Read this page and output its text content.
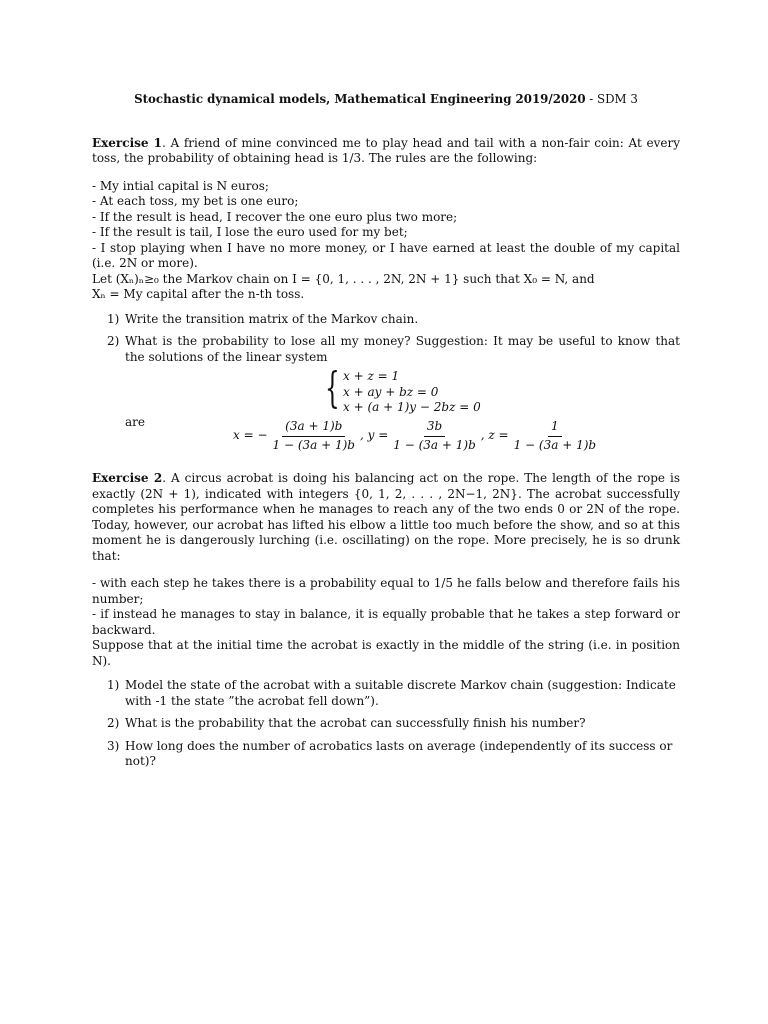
Stochastic dynamical models, Mathematical Engineering 2019/2020 - SDM 3

Exercise 1. A friend of mine convinced me to play head and tail with a non-fair coin: At every toss, the probability of obtaining head is 1/3. The rules are the following:

- My intial capital is N euros;

- At each toss, my bet is one euro;

- If the result is head, I recover the one euro plus two more;

- If the result is tail, I lose the euro used for my bet;

- I stop playing when I have no more money, or I have earned at least the double of my capital (i.e. 2N or more).

Let (Xₙ)ₙ≥₀ the Markov chain on I = {0, 1, . . . , 2N, 2N + 1} such that X₀ = N, and

Xₙ = My capital after the n-th toss.

1) Write the transition matrix of the Markov chain.
2) What is the probability to lose all my money? Suggestion: It may be useful to know that the solutions of the linear system
{ x + z = 1
x + ay + bz = 0
x + (a + 1)y − 2bz = 0
are
x = − $\frac{(3a + 1)b}{1 - (3a + 1)b}$ , $y = \frac{3b}{1 - (3a + 1)b}$ , $z = \frac{1}{1 - (3a + 1)b}$

Exercise 2. A circus acrobat is doing his balancing act on the rope. The length of the rope is exactly (2N + 1), indicated with integers {0, 1, 2, . . . , 2N−1, 2N}. The acrobat successfully completes his performance when he manages to reach any of the two ends 0 or 2N of the rope. Today, however, our acrobat has lifted his elbow a little too much before the show, and so at this moment he is dangerously lurching (i.e. oscillating) on the rope. More precisely, he is so drunk that:

- with each step he takes there is a probability equal to 1/5 he falls below and therefore fails his number;

- if instead he manages to stay in balance, it is equally probable that he takes a step forward or backward.

Suppose that at the initial time the acrobat is exactly in the middle of the string (i.e. in position N).

1) Model the state of the acrobat with a suitable discrete Markov chain (suggestion: Indicate with -1 the state ”the acrobat fell down”).
2) What is the probability that the acrobat can successfully finish his number?
3) How long does the number of acrobatics lasts on average (independently of its success or not)?
